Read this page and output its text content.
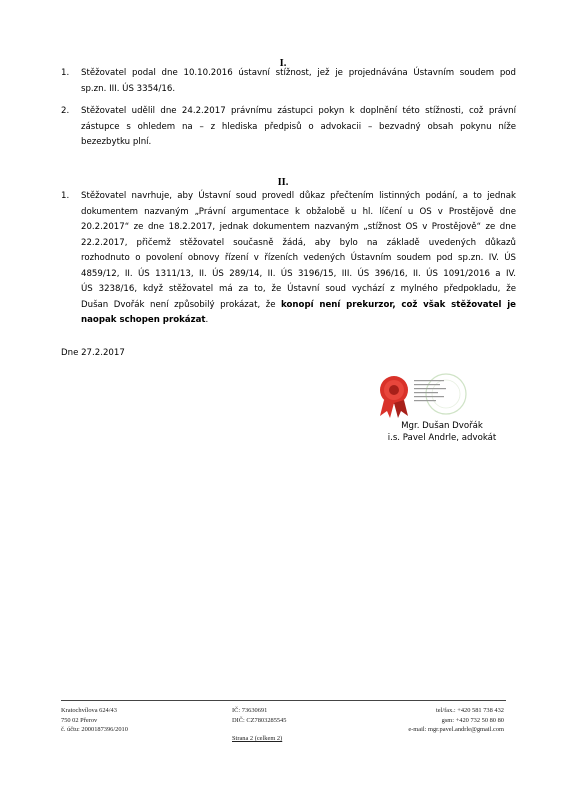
I.
1. Stěžovatel podal dne 10.10.2016 ústavní stížnost, jež je projednávána Ústavním soudem pod
sp.zn. III. ÚS 3354/16.
2. Stěžovatel udělil dne 24.2.2017 právnímu zástupci pokyn k doplnění této stížnosti, což právní
zástupce s ohledem na – z hlediska předpisů o advokacii – bezvadný obsah pokynu níže
bezezbytku plní.
II.
1. Stěžovatel navrhuje, aby Ústavní soud provedl důkaz přečtením listinných podání, a to jednak
dokumentem nazvaným „Právní argumentace k obžalobě u hl. líčení u OS v Prostějově dne
20.2.2017“ ze dne 18.2.2017, jednak dokumentem nazvaným „stížnost OS v Prostějově“ ze dne
22.2.2017, přičemž stěžovatel současně žádá, aby bylo na základě uvedených důkazů
rozhodnuto o povolení obnovy řízení v řízeních vedených Ústavním soudem pod sp.zn. IV. ÚS
4859/12, II. ÚS 1311/13, II. ÚS 289/14, II. ÚS 3196/15, III. ÚS 396/16, II. ÚS 1091/2016 a IV.
ÚS 3238/16, když stěžovatel má za to, že Ústavní soud vychází z mylného předpokladu, že
Dušan Dvořák není způsobilý prokázat, že konopí není prekurzor, což však stěžovatel je
naopak schopen prokázat.
Dne 27.2.2017
Mgr. Dušan Dvořák
i.s. Pavel Andrle, advokát
Kratochvílova 624/43
750 02 Přerov
č. účtu: 2000187396/2010
IČ: 73630691
DIČ: CZ7803285545
Strana 2 (celkem 2)
tel/fax.: +420 581 738 432
gsm: +420 732 50 80 80
e-mail: mgr.pavel.andrle@gmail.com
